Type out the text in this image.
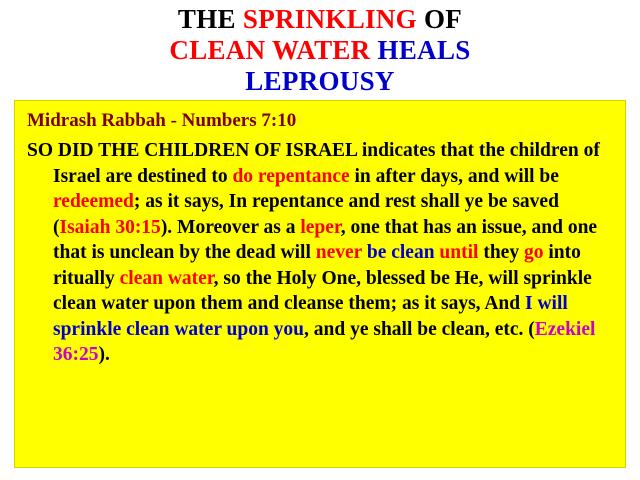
THE SPRINKLING OF
CLEAN WATER HEALS
LEPROUSY

Midrash Rabbah - Numbers 7:10

SO DID THE CHILDREN OF ISRAEL indicates that the children of Israel are destined to do repentance in after days, and will be redeemed; as it says, In repentance and rest shall ye be saved (Isaiah 30:15). Moreover as a leper, one that has an issue, and one that is unclean by the dead will never be clean until they go into ritually clean water, so the Holy One, blessed be He, will sprinkle clean water upon them and cleanse them; as it says, And I will sprinkle clean water upon you, and ye shall be clean, etc. (Ezekiel 36:25).
